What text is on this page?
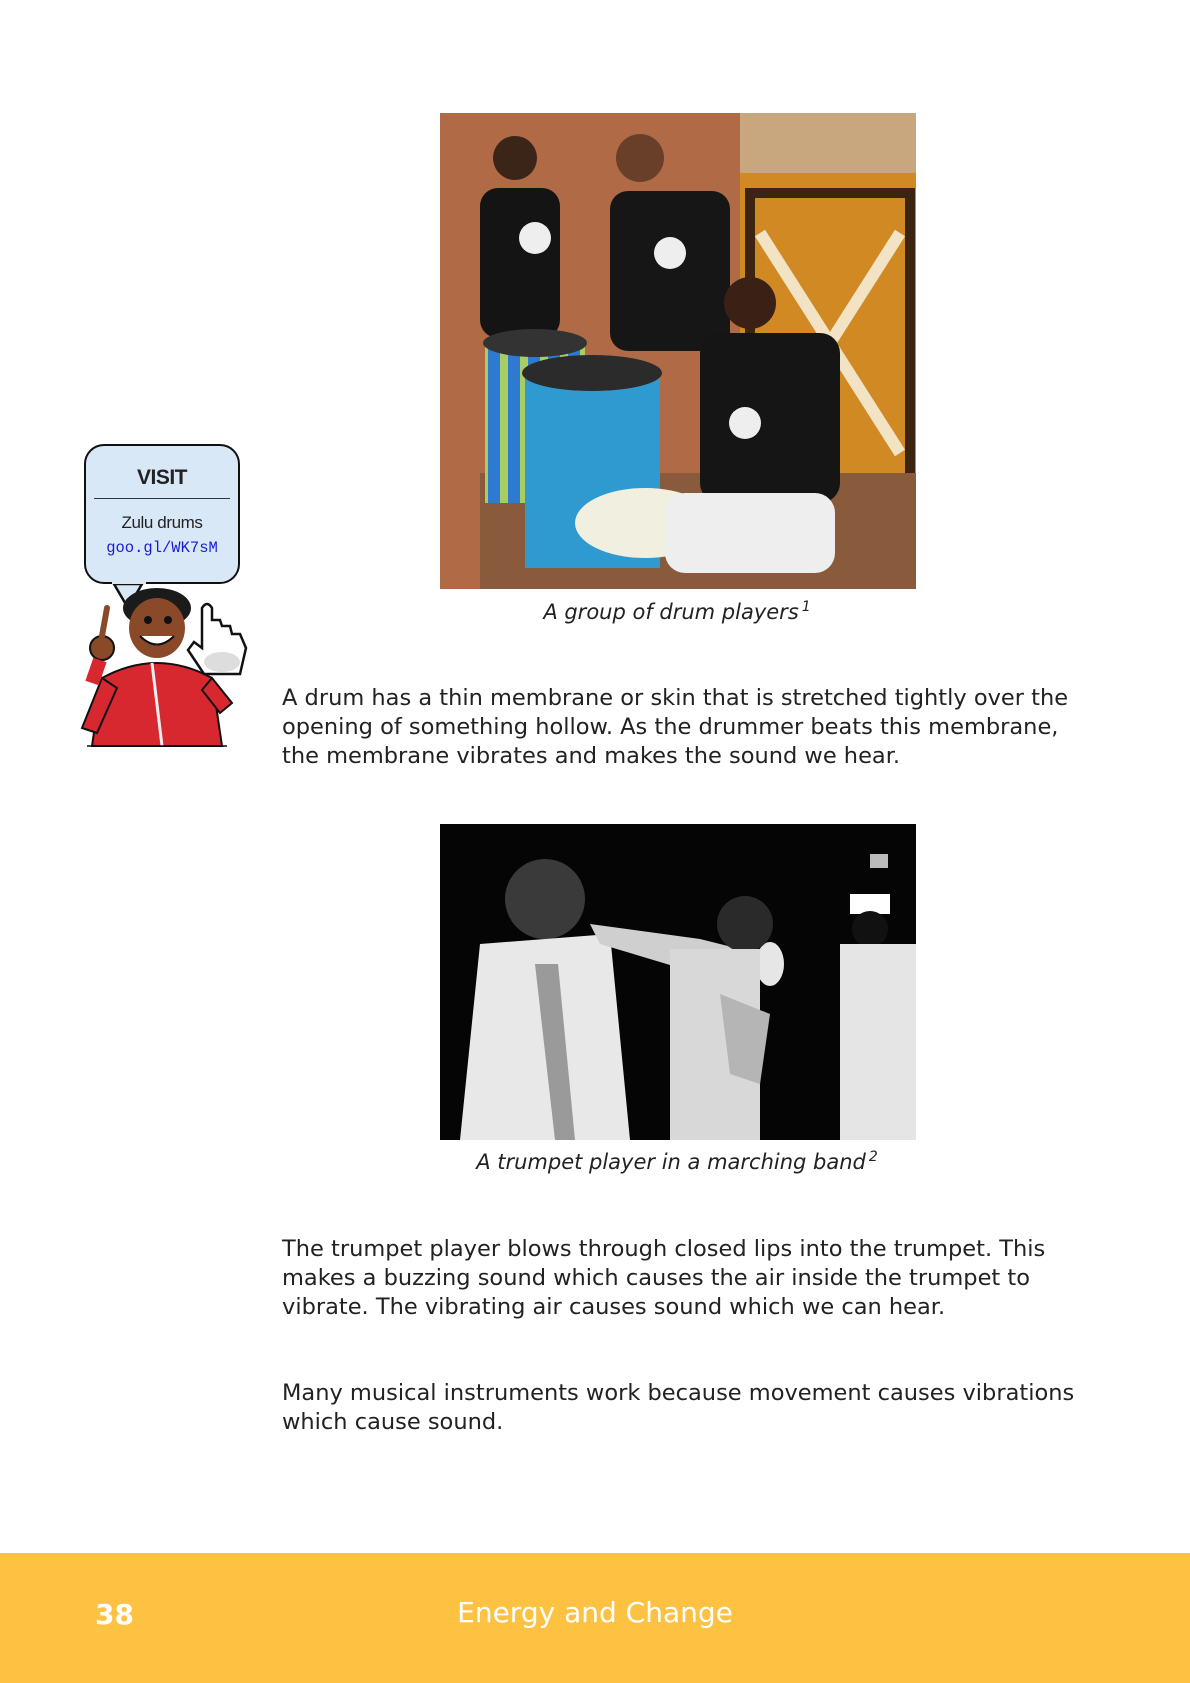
A group of drum players $^1$

A drum has a thin membrane or skin that is stretched tightly over the opening of something hollow. As the drummer beats this membrane, the membrane vibrates and makes the sound we hear.

A trumpet player in a marching band $^2$

The trumpet player blows through closed lips into the trumpet. This makes a buzzing sound which causes the air inside the trumpet to vibrate. The vibrating air causes sound which we can hear.

Many musical instruments work because movement causes vibrations which cause sound.

VISIT
Zulu drums
goo.gl/WK7sM
38	Energy and Change
